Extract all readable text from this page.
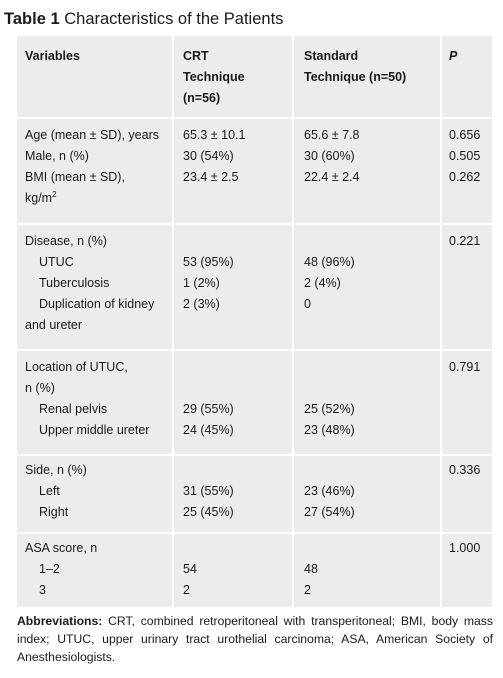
Table 1 Characteristics of the Patients
Variables	CRT
Technique
(n=56)
Standard
Technique (n=50)
P
Age (mean ± SD), years
Male, n (%)
BMI (mean ± SD),
$kg/m^2$
65.3 ± 10.1
30 (54%)
23.4 ± 2.5
65.6 ± 7.8
30 (60%)
22.4 ± 2.4
0.656
0.505
0.262
Disease, n (%)
UTUC
Tuberculosis
Duplication of kidney
and ureter
53 (95%)
1 (2%)
2 (3%)
48 (96%)
2 (4%)
0
0.221
Location of UTUC,
n (%)
Renal pelvis
Upper middle ureter
29 (55%)
24 (45%)
25 (52%)
23 (48%)
0.791
Side, n (%)
Left
Right
31 (55%)
25 (45%)
23 (46%)
27 (54%)
0.336
ASA score, n
1–2
3
54
2
48
2
1.000
Abbreviations: CRT, combined retroperitoneal with transperitoneal; BMI, body mass index; UTUC, upper urinary tract urothelial carcinoma; ASA, American Society of Anesthesiologists.
